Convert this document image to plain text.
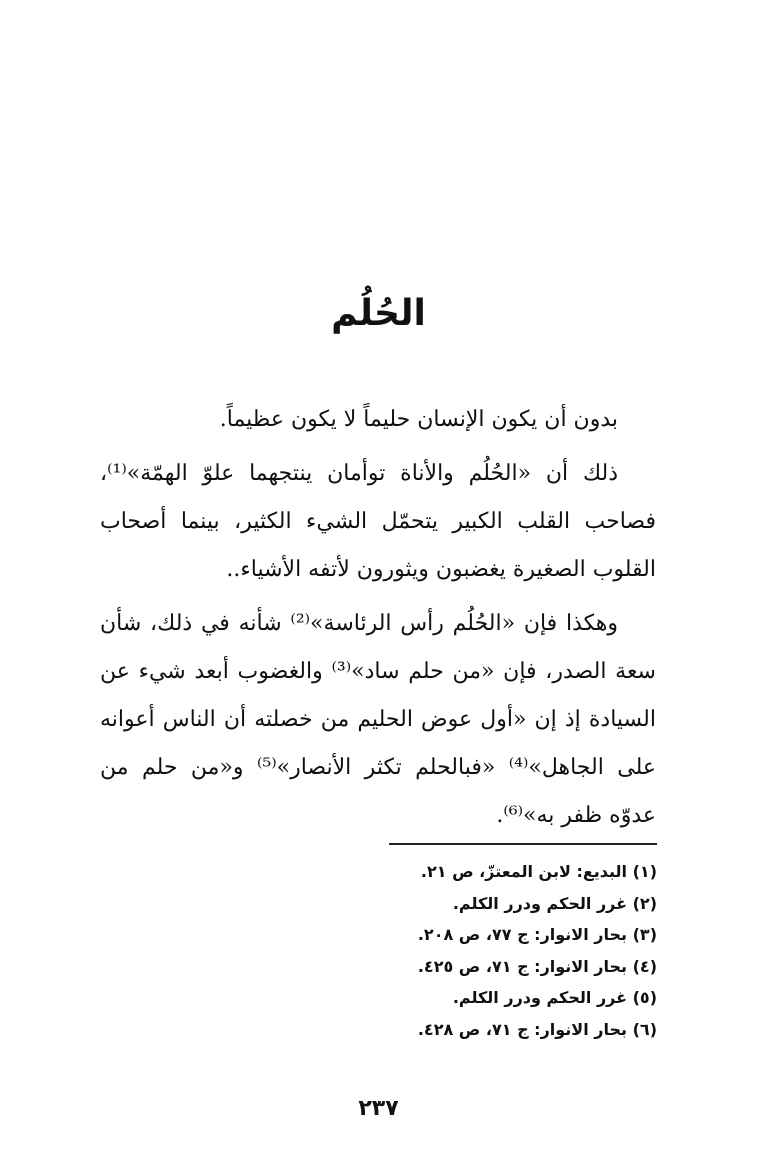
الحُلُم

بدون أن يكون الإنسان حليماً لا يكون عظيماً.

ذلك أن «الحُلُم والأناة توأمان ينتجهما علوّ الهمّة»⁽¹⁾، فصاحب القلب الكبير يتحمّل الشيء الكثير، بينما أصحاب القلوب الصغيرة يغضبون ويثورون لأتفه الأشياء..

وهكذا فإن «الحُلُم رأس الرئاسة»⁽²⁾ شأنه في ذلك، شأن سعة الصدر، فإن «من حلم ساد»⁽³⁾ والغضوب أبعد شيء عن السيادة إذ إن «أول عوض الحليم من خصلته أن الناس أعوانه على الجاهل»⁽⁴⁾ «فبالحلم تكثر الأنصار»⁽⁵⁾ و«من حلم من عدوّه ظفر به»⁽⁶⁾.

(١) البديع: لابن المعتزّ، ص ٢١.
(٢) غرر الحكم ودرر الكلم.
(٣) بحار الانوار: ج ٧٧، ص ٢٠٨.
(٤) بحار الانوار: ج ٧١، ص ٤٢٥.
(٥) غرر الحكم ودرر الكلم.
(٦) بحار الانوار: ج ٧١، ص ٤٢٨.
٢٣٧
